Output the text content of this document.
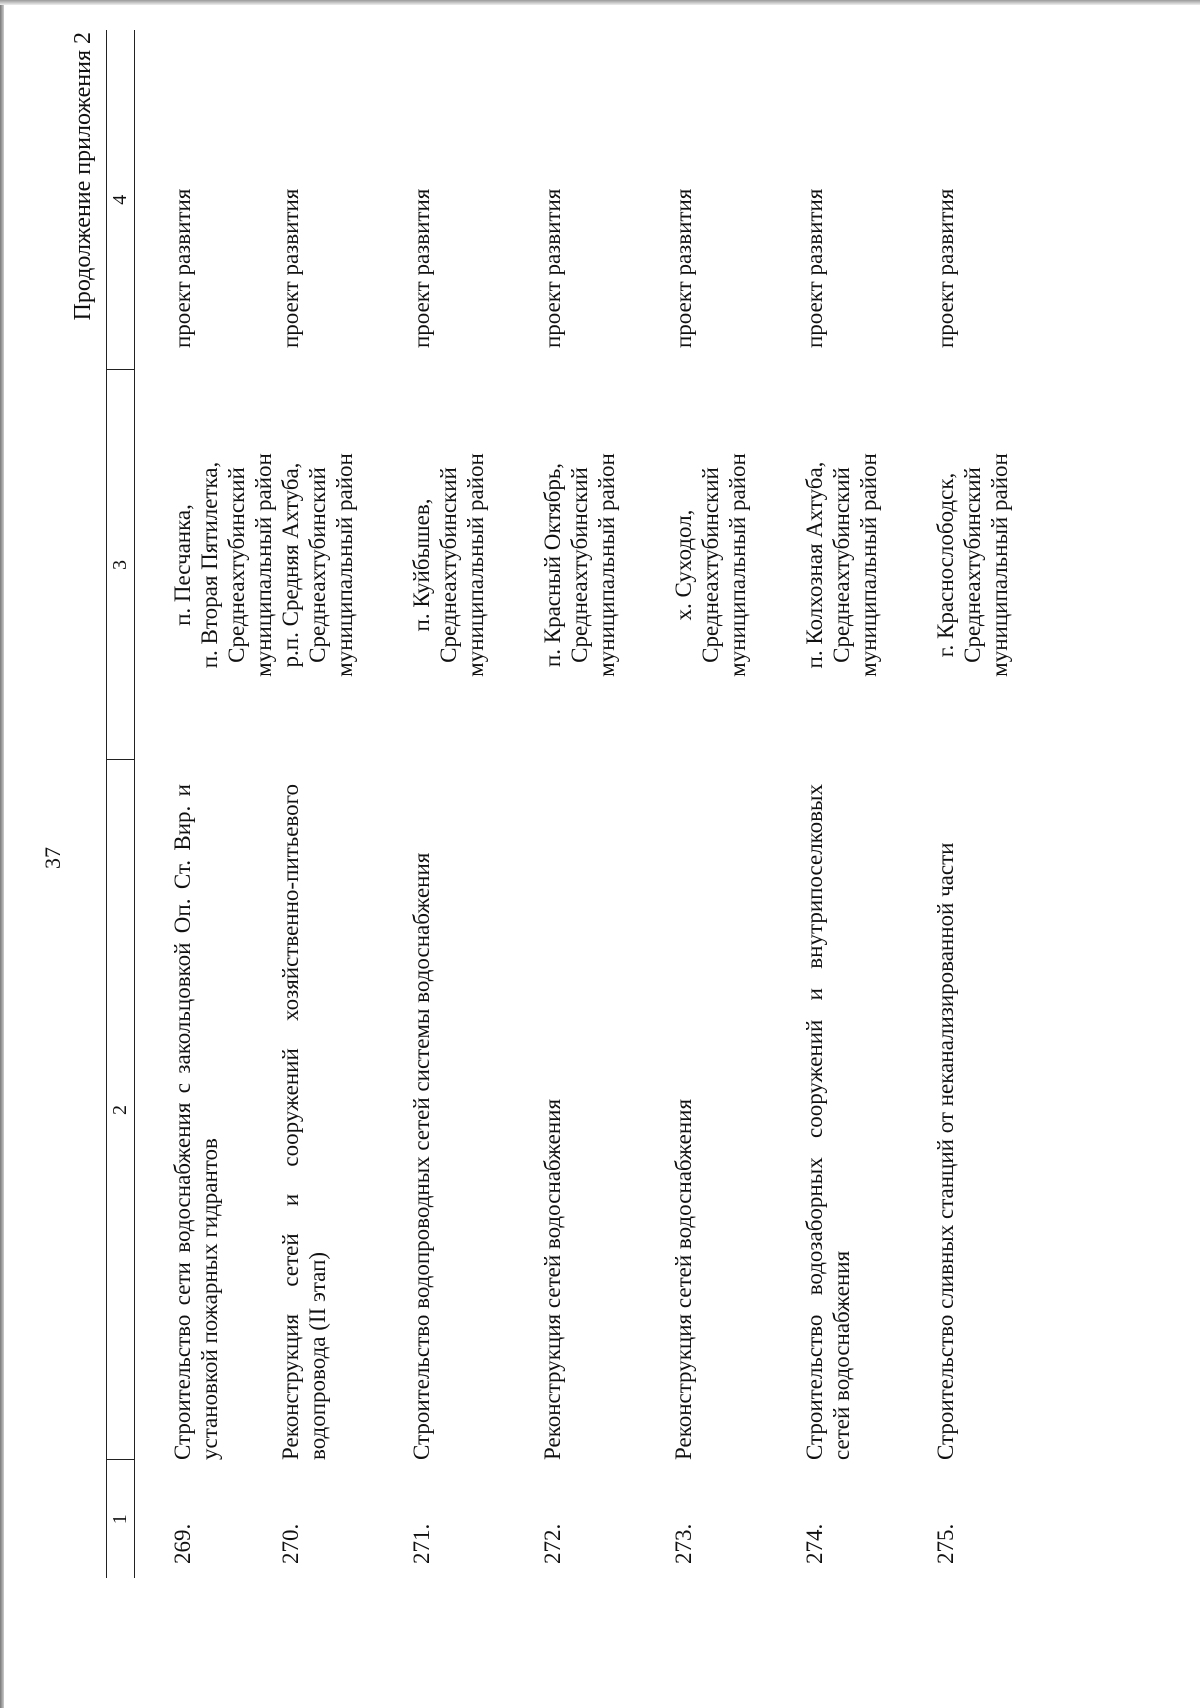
37
Продолжение приложения 2
1	2	3	4
269.	Строительство сети водоснабжения с закольцовкой Оп. Ст. Вир. и установкой пожарных гидрантов	п. Песчанка, п. Вторая Пятилетка, Среднеахтубинский муниципальный район	проект развития
270.	Реконструкция сетей и сооружений хозяйственно-питьевого водопровода (II этап)	р.п. Средняя Ахтуба, Среднеахтубинский муниципальный район	проект развития
271.	Строительство водопроводных сетей системы водоснабжения	п. Куйбышев, Среднеахтубинский муниципальный район	проект развития
272.	Реконструкция сетей водоснабжения	п. Красный Октябрь, Среднеахтубинский муниципальный район	проект развития
273.	Реконструкция сетей водоснабжения	х. Суходол, Среднеахтубинский муниципальный район	проект развития
274.	Строительство водозаборных сооружений и внутрипоселковых сетей водоснабжения	п. Колхозная Ахтуба, Среднеахтубинский муниципальный район	проект развития
275.	Строительство сливных станций от неканализированной части	г. Краснослободск, Среднеахтубинский муниципальный район	проект развития
